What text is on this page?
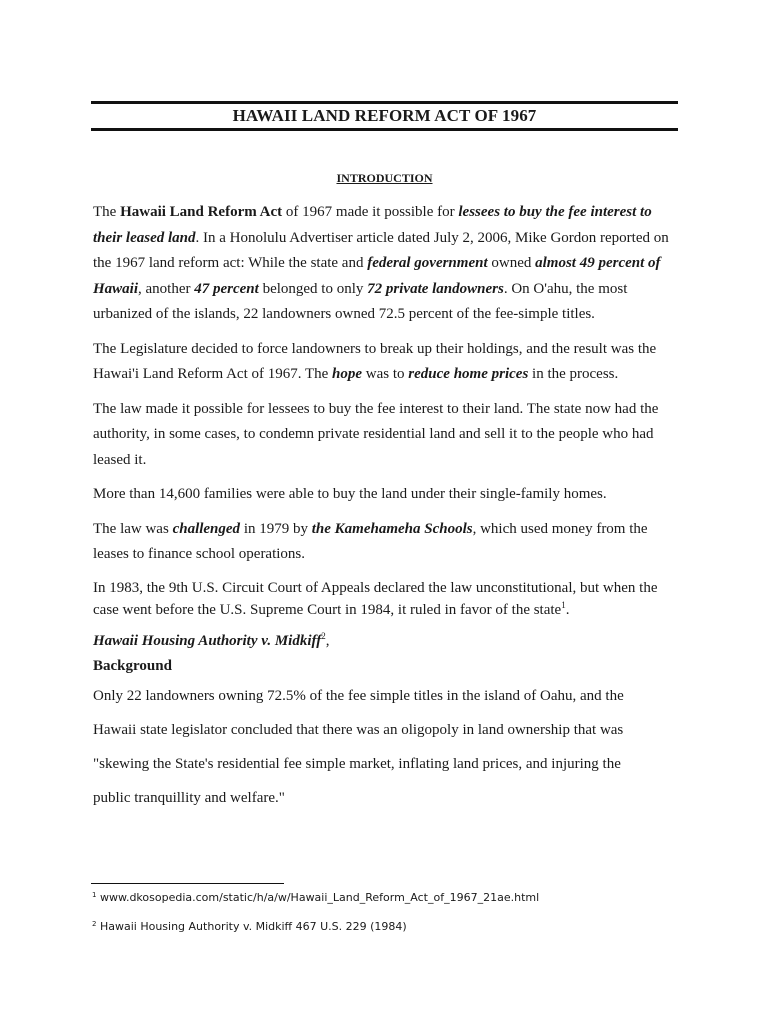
HAWAII LAND REFORM ACT OF 1967
INTRODUCTION

The Hawaii Land Reform Act of 1967 made it possible for lessees to buy the fee interest to their leased land. In a Honolulu Advertiser article dated July 2, 2006, Mike Gordon reported on the 1967 land reform act: While the state and federal government owned almost 49 percent of Hawaii, another 47 percent belonged to only 72 private landowners. On O'ahu, the most urbanized of the islands, 22 landowners owned 72.5 percent of the fee-simple titles.

The Legislature decided to force landowners to break up their holdings, and the result was the Hawai'i Land Reform Act of 1967. The hope was to reduce home prices in the process.

The law made it possible for lessees to buy the fee interest to their land. The state now had the authority, in some cases, to condemn private residential land and sell it to the people who had leased it.

More than 14,600 families were able to buy the land under their single-family homes.

The law was challenged in 1979 by the Kamehameha Schools, which used money from the leases to finance school operations.

In 1983, the 9th U.S. Circuit Court of Appeals declared the law unconstitutional, but when the case went before the U.S. Supreme Court in 1984, it ruled in favor of the state$^1$.

Hawaii Housing Authority v. Midkiff$^2$,

Background

Only 22 landowners owning 72.5% of the fee simple titles in the island of Oahu, and the

Hawaii state legislator concluded that there was an oligopoly in land ownership that was

"skewing the State's residential fee simple market, inflating land prices, and injuring the

public tranquillity and welfare."

$^1$ www.dkosopedia.com/static/h/a/w/Hawaii_Land_Reform_Act_of_1967_21ae.html
$^2$ Hawaii Housing Authority v. Midkiff 467 U.S. 229 (1984)
